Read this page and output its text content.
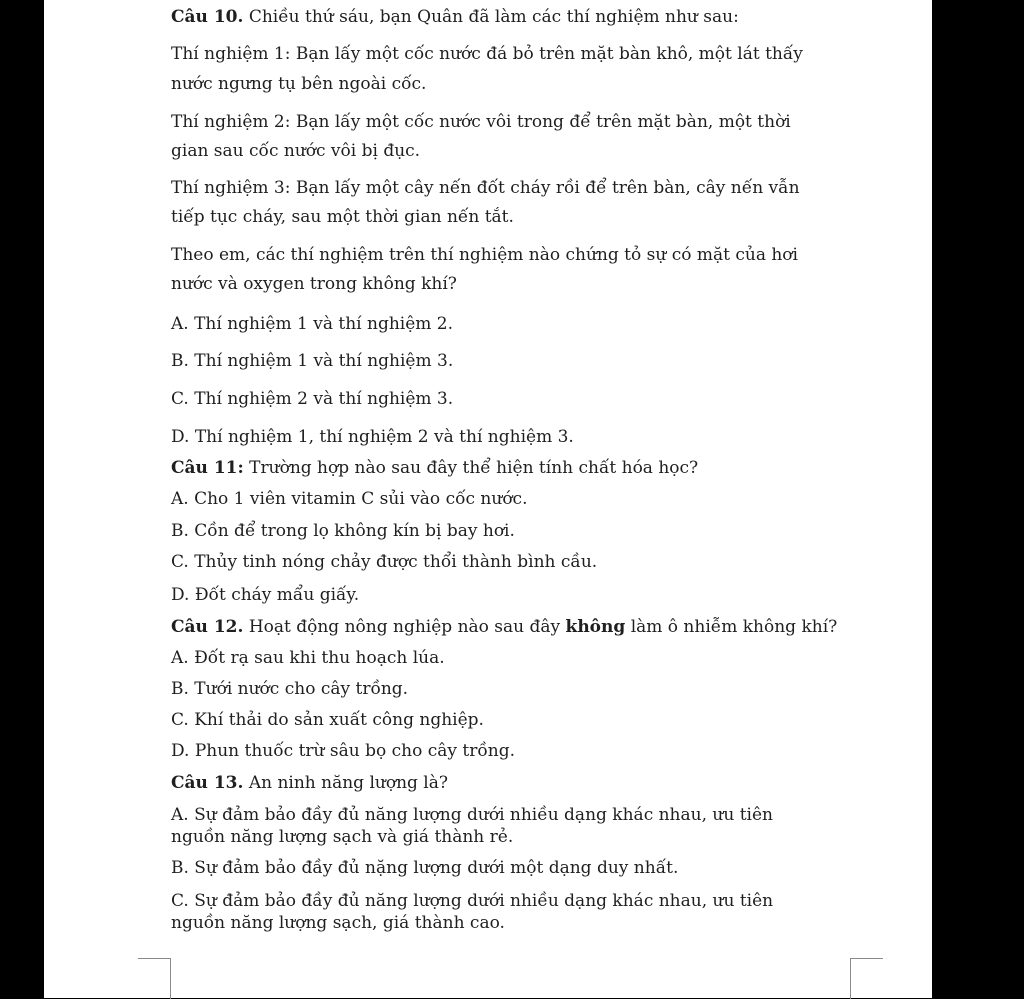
Câu 10. Chiều thứ sáu, bạn Quân đã làm các thí nghiệm như sau:
Thí nghiệm 1: Bạn lấy một cốc nước đá bỏ trên mặt bàn khô, một lát thấy
nước ngưng tụ bên ngoài cốc.
Thí nghiệm 2: Bạn lấy một cốc nước vôi trong để trên mặt bàn, một thời
gian sau cốc nước vôi bị đục.
Thí nghiệm 3: Bạn lấy một cây nến đốt cháy rồi để trên bàn, cây nến vẫn
tiếp tục cháy, sau một thời gian nến tắt.
Theo em, các thí nghiệm trên thí nghiệm nào chứng tỏ sự có mặt của hơi
nước và oxygen trong không khí?
A. Thí nghiệm 1 và thí nghiệm 2.
B. Thí nghiệm 1 và thí nghiệm 3.
C. Thí nghiệm 2 và thí nghiệm 3.
D. Thí nghiệm 1, thí nghiệm 2 và thí nghiệm 3.
Câu 11: Trường hợp nào sau đây thể hiện tính chất hóa học?
A. Cho 1 viên vitamin C sủi vào cốc nước.
B. Cồn để trong lọ không kín bị bay hơi.
C. Thủy tinh nóng chảy được thổi thành bình cầu.
D. Đốt cháy mẩu giấy.
Câu 12. Hoạt động nông nghiệp nào sau đây không làm ô nhiễm không khí?
A. Đốt rạ sau khi thu hoạch lúa.
B. Tưới nước cho cây trồng.
C. Khí thải do sản xuất công nghiệp.
D. Phun thuốc trừ sâu bọ cho cây trồng.
Câu 13. An ninh năng lượng là?
A. Sự đảm bảo đầy đủ năng lượng dưới nhiều dạng khác nhau, ưu tiên
nguồn năng lượng sạch và giá thành rẻ.
B. Sự đảm bảo đầy đủ nặng lượng dưới một dạng duy nhất.
C. Sự đảm bảo đầy đủ năng lượng dưới nhiều dạng khác nhau, ưu tiên
nguồn năng lượng sạch, giá thành cao.
